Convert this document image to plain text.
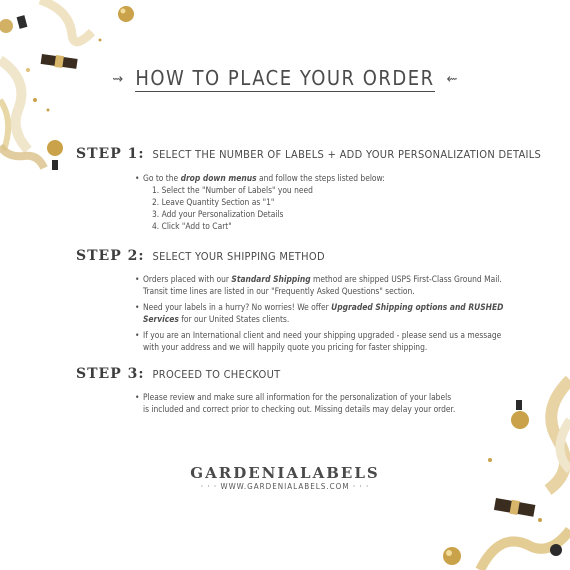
⇝ HOW TO PLACE YOUR ORDER ⇜
STEP 1: SELECT THE NUMBER OF LABELS + ADD YOUR PERSONALIZATION DETAILS

• Go to the drop down menus and follow the steps listed below:

1. Select the "Number of Labels" you need

2. Leave Quantity Section as "1"

3. Add your Personalization Details

4. Click "Add to Cart"

STEP 2: SELECT YOUR SHIPPING METHOD

• Orders placed with our Standard Shipping method are shipped USPS First-Class Ground Mail.

Transit time lines are listed in our "Frequently Asked Questions" section.

• Need your labels in a hurry? No worries! We offer Upgraded Shipping options and RUSHED

Services for our United States clients.

• If you are an International client and need your shipping upgraded - please send us a message

with your address and we will happily quote you pricing for faster shipping.

STEP 3: PROCEED TO CHECKOUT

• Please review and make sure all information for the personalization of your labels

is included and correct prior to checking out. Missing details may delay your order.

GARDENIALABELS
· · · WWW.GARDENIALABELS.COM · · ·
